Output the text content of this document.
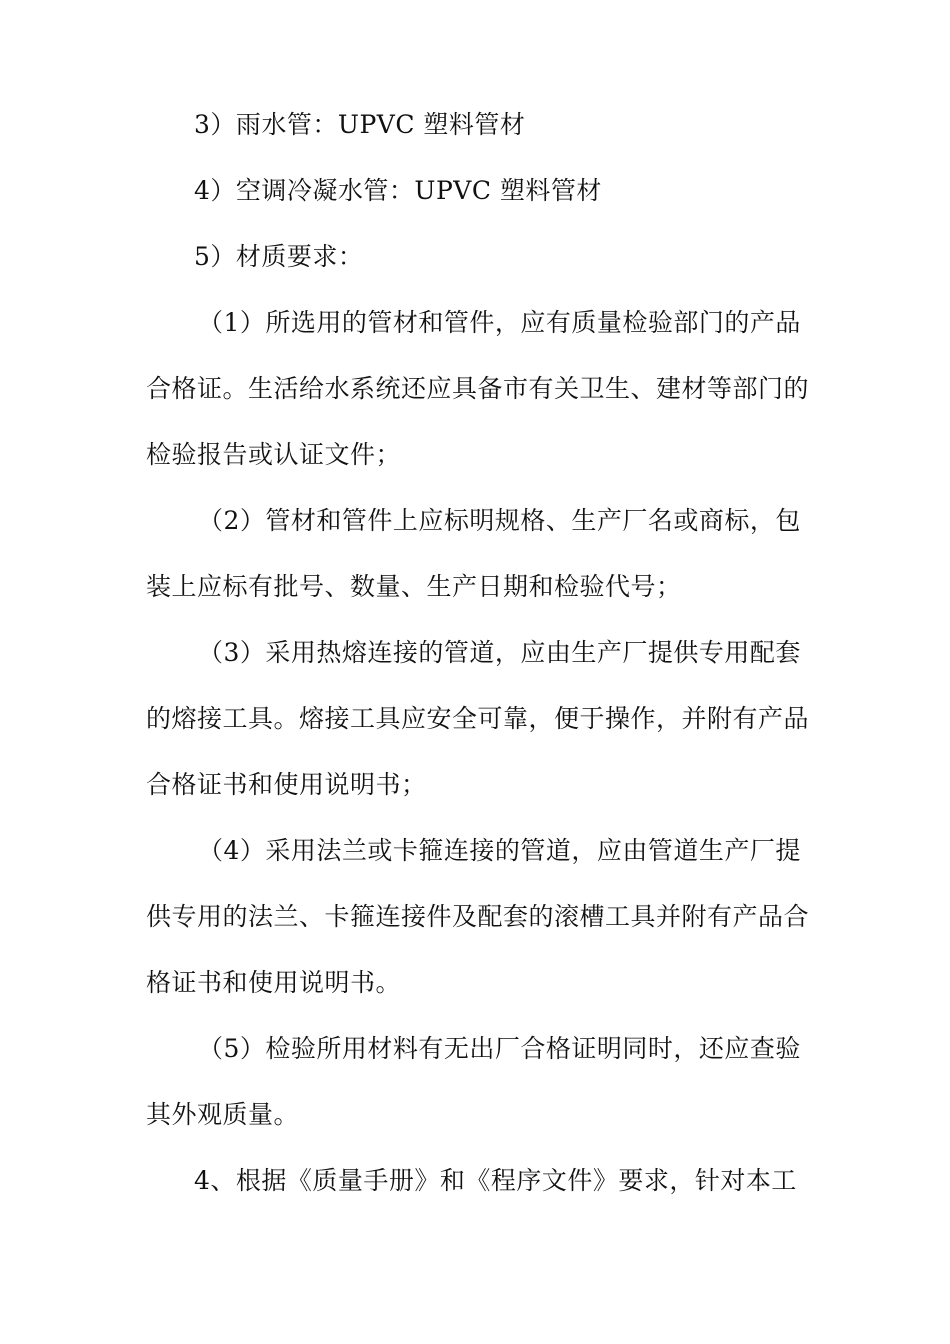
3）雨水管：UPVC 塑料管材
4）空调冷凝水管：UPVC 塑料管材
5）材质要求：
（1）所选用的管材和管件，应有质量检验部门的产品
合格证。生活给水系统还应具备市有关卫生、建材等部门的
检验报告或认证文件；
（2）管材和管件上应标明规格、生产厂名或商标，包
装上应标有批号、数量、生产日期和检验代号；
（3）采用热熔连接的管道，应由生产厂提供专用配套
的熔接工具。熔接工具应安全可靠，便于操作，并附有产品
合格证书和使用说明书；
（4）采用法兰或卡箍连接的管道，应由管道生产厂提
供专用的法兰、卡箍连接件及配套的滚槽工具并附有产品合
格证书和使用说明书。
（5）检验所用材料有无出厂合格证明同时，还应查验
其外观质量。
4、根据《质量手册》和《程序文件》要求，针对本工
